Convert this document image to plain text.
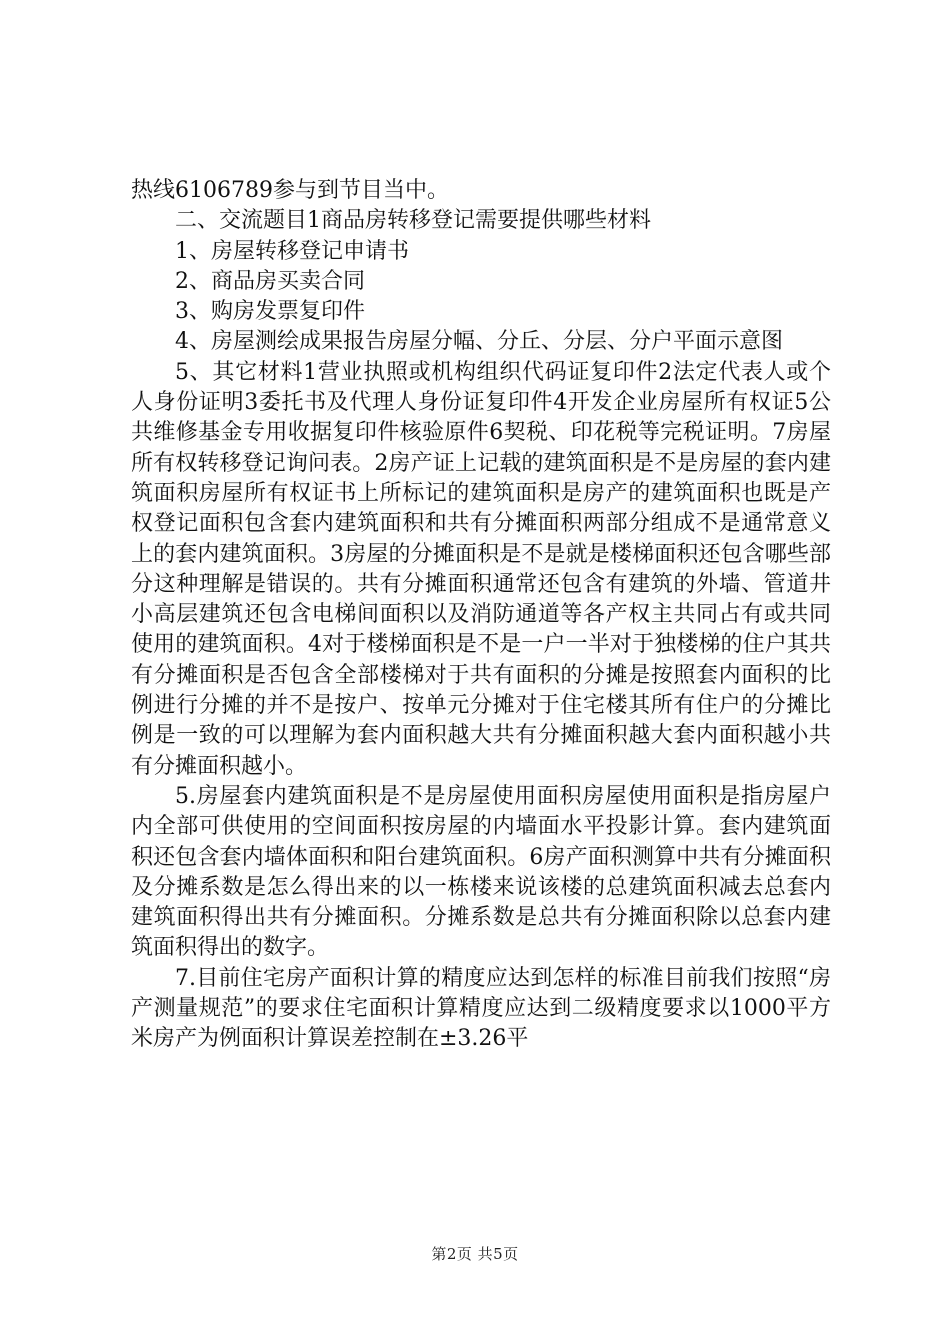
热线6106789参与到节目当中。

二、交流题目1商品房转移登记需要提供哪些材料

1、房屋转移登记申请书

2、商品房买卖合同

3、购房发票复印件

4、房屋测绘成果报告房屋分幅、分丘、分层、分户平面示意图

5、其它材料1营业执照或机构组织代码证复印件2法定代表人或个人身份证明3委托书及代理人身份证复印件4开发企业房屋所有权证5公共维修基金专用收据复印件核验原件6契税、印花税等完税证明。7房屋所有权转移登记询问表。2房产证上记载的建筑面积是不是房屋的套内建筑面积房屋所有权证书上所标记的建筑面积是房产的建筑面积也既是产权登记面积包含套内建筑面积和共有分摊面积两部分组成不是通常意义上的套内建筑面积。3房屋的分摊面积是不是就是楼梯面积还包含哪些部分这种理解是错误的。共有分摊面积通常还包含有建筑的外墙、管道井小高层建筑还包含电梯间面积以及消防通道等各产权主共同占有或共同使用的建筑面积。4对于楼梯面积是不是一户一半对于独楼梯的住户其共有分摊面积是否包含全部楼梯对于共有面积的分摊是按照套内面积的比例进行分摊的并不是按户、按单元分摊对于住宅楼其所有住户的分摊比例是一致的可以理解为套内面积越大共有分摊面积越大套内面积越小共有分摊面积越小。

5.房屋套内建筑面积是不是房屋使用面积房屋使用面积是指房屋户内全部可供使用的空间面积按房屋的内墙面水平投影计算。套内建筑面积还包含套内墙体面积和阳台建筑面积。6房产面积测算中共有分摊面积及分摊系数是怎么得出来的以一栋楼来说该楼的总建筑面积减去总套内建筑面积得出共有分摊面积。分摊系数是总共有分摊面积除以总套内建筑面积得出的数字。

7.目前住宅房产面积计算的精度应达到怎样的标准目前我们按照“房产测量规范”的要求住宅面积计算精度应达到二级精度要求以1000平方米房产为例面积计算误差控制在±3.26平

第2页 共5页
